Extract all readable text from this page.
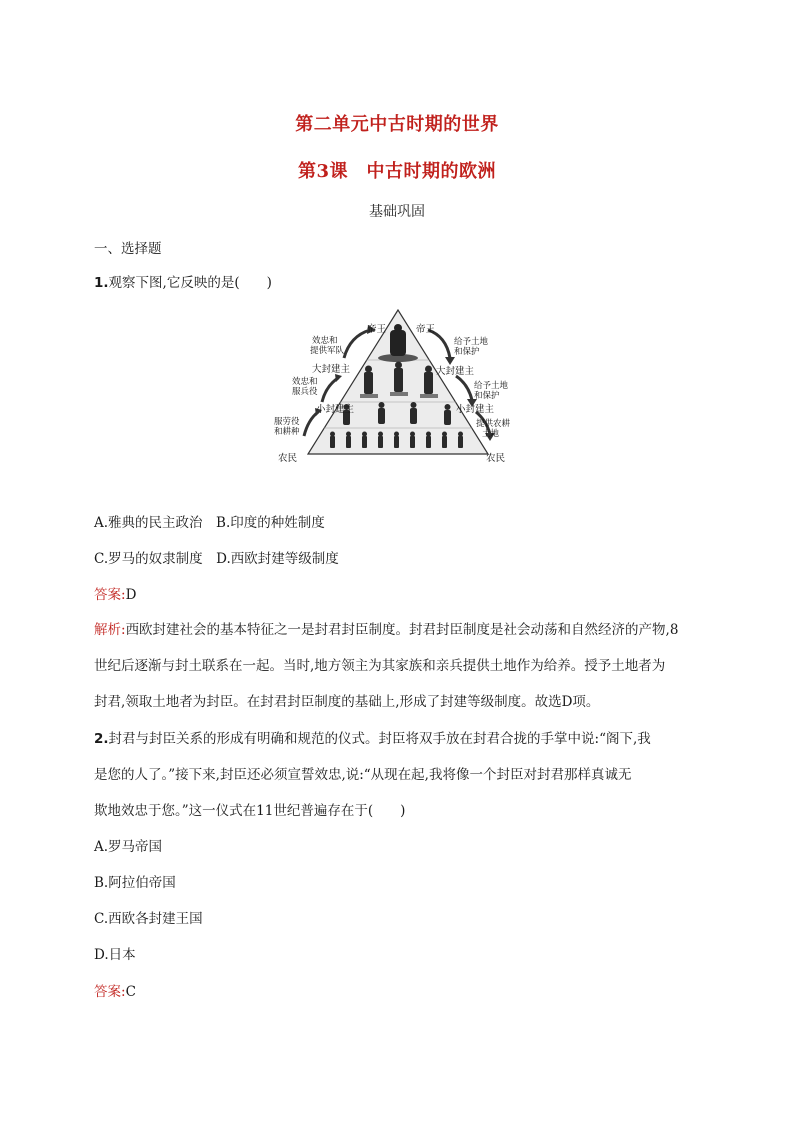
第二单元中古时期的世界
第3课　中古时期的欧洲
基础巩固
一、选择题
1.观察下图,它反映的是(　　)
帝王	帝王
大封建主	大封建主
小封建主	小封建主
农民	农民
效忠和
提供军队
效忠和
服兵役
服劳役
和耕种
给予土地
和保护
给予土地
和保护
提供农耕
土地
A.雅典的民主政治　B.印度的种姓制度
C.罗马的奴隶制度　D.西欧封建等级制度
答案:D
解析:西欧封建社会的基本特征之一是封君封臣制度。封君封臣制度是社会动荡和自然经济的产物,8
世纪后逐渐与封土联系在一起。当时,地方领主为其家族和亲兵提供土地作为给养。授予土地者为
封君,领取土地者为封臣。在封君封臣制度的基础上,形成了封建等级制度。故选D项。
2.封君与封臣关系的形成有明确和规范的仪式。封臣将双手放在封君合拢的手掌中说:“阁下,我
是您的人了。”接下来,封臣还必须宣誓效忠,说:“从现在起,我将像一个封臣对封君那样真诚无
欺地效忠于您。”这一仪式在11世纪普遍存在于(　　)
A.罗马帝国
B.阿拉伯帝国
C.西欧各封建王国
D.日本
答案:C
